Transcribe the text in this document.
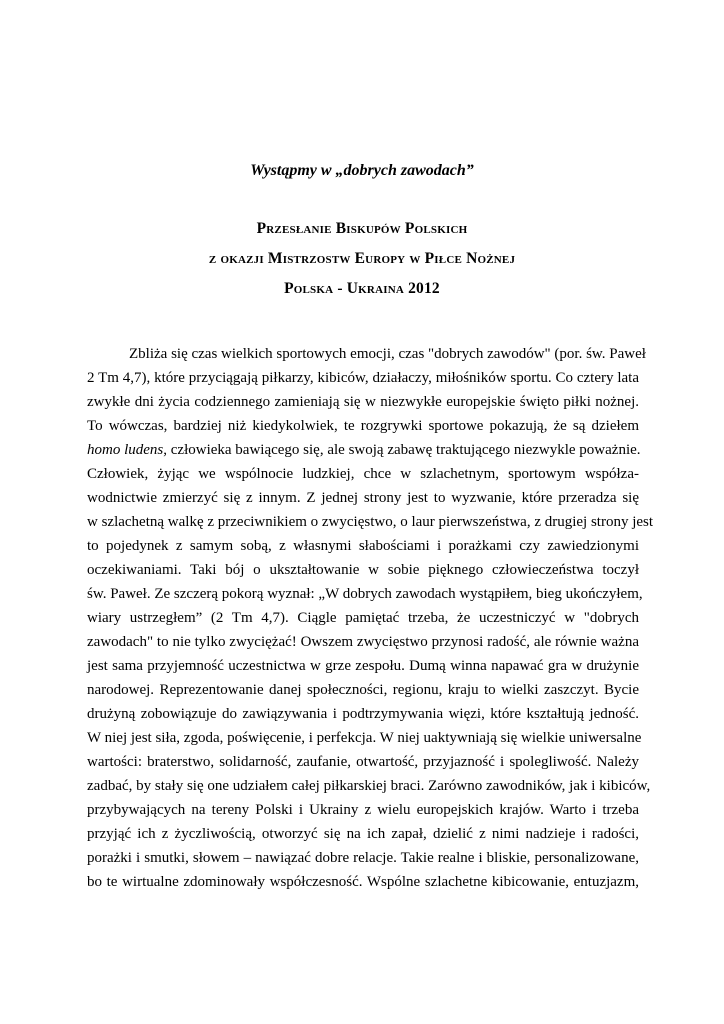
Wystąpmy w „dobrych zawodach”
Przesłanie Biskupów Polskich
z okazji Mistrzostw Europy w Piłce Nożnej
Polska - Ukraina 2012
Zbliża się czas wielkich sportowych emocji, czas "dobrych zawodów" (por. św. Paweł
2 Tm 4,7), które przyciągają piłkarzy, kibiców, działaczy, miłośników sportu. Co cztery lata
zwykłe dni życia codziennego zamieniają się w niezwykłe europejskie święto piłki nożnej.
To wówczas, bardziej niż kiedykolwiek, te rozgrywki sportowe pokazują, że są dziełem
homo ludens, człowieka bawiącego się, ale swoją zabawę traktującego niezwykle poważnie.
Człowiek, żyjąc we wspólnocie ludzkiej, chce w szlachetnym, sportowym współza-
wodnictwie zmierzyć się z innym. Z jednej strony jest to wyzwanie, które przeradza się
w szlachetną walkę z przeciwnikiem o zwycięstwo, o laur pierwszeństwa, z drugiej strony jest
to pojedynek z samym sobą, z własnymi słabościami i porażkami czy zawiedzionymi
oczekiwaniami. Taki bój o ukształtowanie w sobie pięknego człowieczeństwa toczył
św. Paweł. Ze szczerą pokorą wyznał: „W dobrych zawodach wystąpiłem, bieg ukończyłem,
wiary ustrzegłem” (2 Tm 4,7). Ciągle pamiętać trzeba, że uczestniczyć w "dobrych
zawodach" to nie tylko zwyciężać! Owszem zwycięstwo przynosi radość, ale równie ważna
jest sama przyjemność uczestnictwa w grze zespołu. Dumą winna napawać gra w drużynie
narodowej. Reprezentowanie danej społeczności, regionu, kraju to wielki zaszczyt. Bycie
drużyną zobowiązuje do zawiązywania i podtrzymywania więzi, które kształtują jedność.
W niej jest siła, zgoda, poświęcenie, i perfekcja. W niej uaktywniają się wielkie uniwersalne
wartości: braterstwo, solidarność, zaufanie, otwartość, przyjazność i spolegliwość. Należy
zadbać, by stały się one udziałem całej piłkarskiej braci. Zarówno zawodników, jak i kibiców,
przybywających na tereny Polski i Ukrainy z wielu europejskich krajów. Warto i trzeba
przyjąć ich z życzliwością, otworzyć się na ich zapał, dzielić z nimi nadzieje i radości,
porażki i smutki, słowem – nawiązać dobre relacje. Takie realne i bliskie, personalizowane,
bo te wirtualne zdominowały współczesność. Wspólne szlachetne kibicowanie, entuzjazm,
